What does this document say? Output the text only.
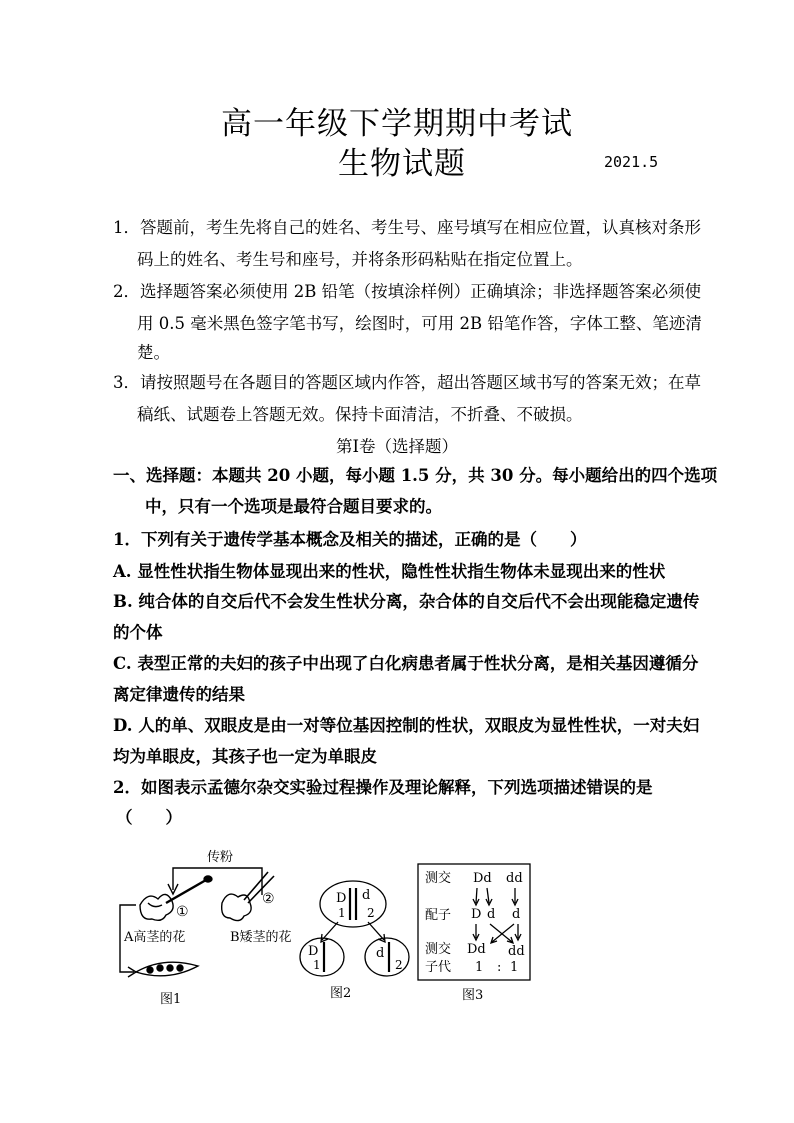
高一年级下学期期中考试
生物试题	2021.5
1．答题前，考生先将自己的姓名、考生号、座号填写在相应位置，认真核对条形
码上的姓名、考生号和座号，并将条形码粘贴在指定位置上。
2．选择题答案必须使用 2B 铅笔（按填涂样例）正确填涂；非选择题答案必须使
用 0.5 毫米黑色签字笔书写，绘图时，可用 2B 铅笔作答，字体工整、笔迹清
楚。
3．请按照题号在各题目的答题区域内作答，超出答题区域书写的答案无效；在草
稿纸、试题卷上答题无效。保持卡面清洁，不折叠、不破损。
第Ⅰ卷（选择题）
一、选择题：本题共 20 小题，每小题 1.5 分，共 30 分。每小题给出的四个选项
中，只有一个选项是最符合题目要求的。
1．下列有关于遗传学基本概念及相关的描述，正确的是（　　）
A. 显性性状指生物体显现出来的性状，隐性性状指生物体未显现出来的性状
B. 纯合体的自交后代不会发生性状分离，杂合体的自交后代不会出现能稳定遗传
的个体
C. 表型正常的夫妇的孩子中出现了白化病患者属于性状分离，是相关基因遵循分
离定律遗传的结果
D. 人的单、双眼皮是由一对等位基因控制的性状，双眼皮为显性性状，一对夫妇
均为单眼皮，其孩子也一定为单眼皮
2．如图表示孟德尔杂交实验过程操作及理论解释，下列选项描述错误的是
（　　）
传粉
①
②
A高茎的花	B矮茎的花
图1
D
1
d
2
D
1
d
2
图2
测交 Dd dd
配子 D d d
测交
子代
Dd dd
1 : 1
图3
